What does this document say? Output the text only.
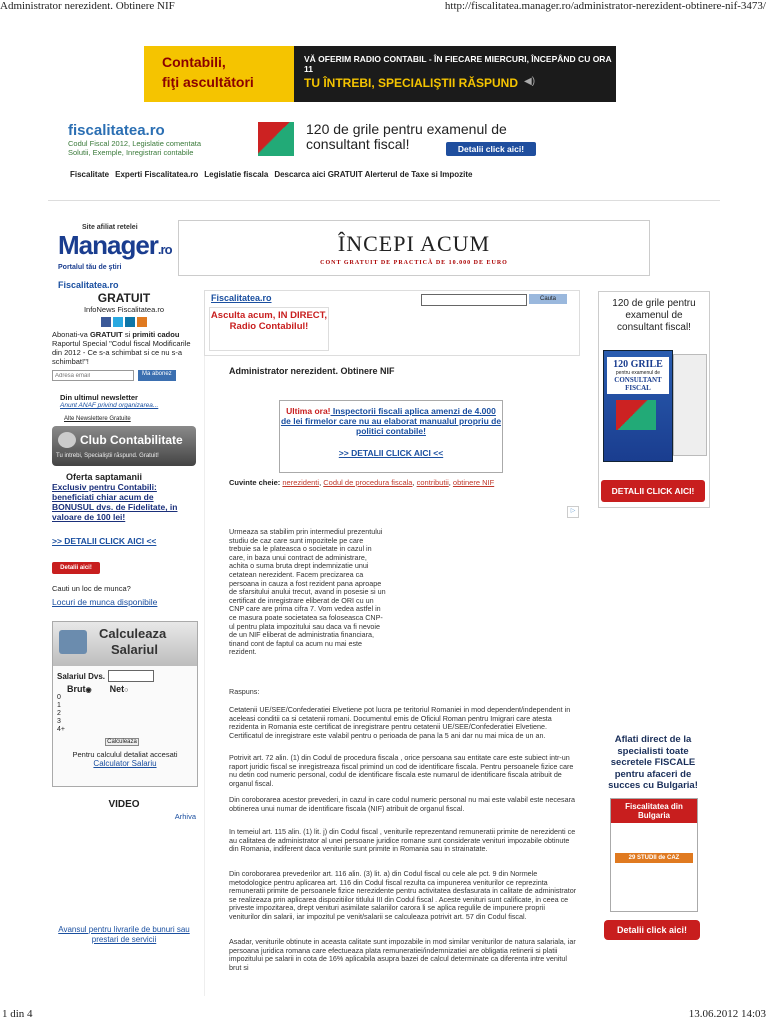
Administrator nerezident. Obtinere NIF	http://fiscalitatea.manager.ro/administrator-nerezident-obtinere-nif-3473/
1 din 4	13.06.2012 14:03
Contabili,
fiţi ascultători
VĂ OFERIM RADIO CONTABIL - ÎN FIECARE MIERCURI, ÎNCEPÂND CU ORA 11
TU ÎNTREBI, SPECIALIŞTII RĂSPUND ◀)
fiscalitatea.ro
Codul Fiscal 2012, Legislatie comentata
Solutii, Exemple, Inregistrari contabile
120 de grile pentru examenul de consultant fiscal!	Detalii click aici!
Fiscalitate Experti Fiscalitatea.ro Legislatie fiscala Descarca aici GRATUIT Alerterul de Taxe si Impozite
Site afiliat retelei
Manager.ro
Portalul tău de ştiri
ÎNCEPI ACUM
CONT GRATUIT DE PRACTICĂ DE 10.000 DE EURO
Fiscalitatea.ro
GRATUIT
InfoNews Fiscalitatea.ro
Abonati-va GRATUIT si primiti cadou Raportul Special "Codul fiscal Modificarile din 2012 - Ce s-a schimbat si ce nu s-a schimbat!"!
Adresa email
Ma abonez
Din ultimul newsletter
Anunt ANAF privind organizarea...
Alte Newslettere Gratuite
Club Contabilitate
Tu intrebi, Specialiştii răspund. Gratuit!
Oferta saptamanii
Exclusiv pentru Contabili: beneficiati chiar acum de BONUSUL dvs. de Fidelitate, in valoare de 100 lei!
>> DETALII CLICK AICI <<
Detalii aici!
Cauti un loc de munca?
Locuri de munca disponibile
Calculeaza
Salariul
Salariul Dvs.
Brut◉ Net○
0
1
2
3
4+
Calculeaza
Pentru calculul detaliat accesati
Calculator Salariu
VIDEO
Arhiva
Avansul pentru livrarile de bunuri sau prestari de servicii
Fiscalitatea.ro	Cauta
Asculta acum, IN DIRECT, Radio Contabilul!
Administrator nerezident. Obtinere NIF
Ultima ora! Inspectorii fiscali aplica amenzi de 4.000 de lei firmelor care nu au elaborat manualul propriu de politici contabile!
>> DETALII CLICK AICI <<
Cuvinte cheie: nerezidenti, Codul de procedura fiscala, contributii, obtinere NIF
▷
Urmeaza sa stabilim prin intermediul prezentului studiu de caz care sunt impozitele pe care trebuie sa le plateasca o societate in cazul in care, in baza unui contract de administrare, achita o suma bruta drept indemnizatie unui cetatean nerezident. Facem precizarea ca persoana in cauza a fost rezident pana aproape de sfarsitului anului trecut, avand in posesie si un certificat de inregistrare eliberat de ORI cu un CNP care are prima cifra 7. Vom vedea astfel in ce masura poate societatea sa foloseasca CNP-ul pentru plata impozitului sau daca va fi nevoie de un NIF eliberat de administratia financiara, tinand cont de faptul ca acum nu mai este rezident.
Raspuns:
Cetatenii UE/SEE/Confederatiei Elvetiene pot lucra pe teritoriul Romaniei in mod dependent/independent in aceleasi conditii ca si cetatenii romani. Documentul emis de Oficiul Roman pentru Imigrari care atesta rezidenta in Romania este certificat de inregistrare pentru cetatenii UE/SEE/Confederatiei Elvetiene. Certificatul de inregistrare este valabil pentru o perioada de pana la 5 ani dar nu mai mica de un an.
Potrivit art. 72 alin. (1) din Codul de procedura fiscala , orice persoana sau entitate care este subiect intr-un raport juridic fiscal se inregistreaza fiscal primind un cod de identificare fiscala. Pentru persoanele fizice care nu detin cod numeric personal, codul de identificare fiscala este numarul de identificare fiscala atribuit de organul fiscal.
Din coroborarea acestor prevederi, in cazul in care codul numeric personal nu mai este valabil este necesara obtinerea unui numar de identificare fiscala (NIF) atribuit de organul fiscal.
In temeiul art. 115 alin. (1) lit. j) din Codul fiscal , veniturile reprezentand remuneratii primite de nerezidenti ce au calitatea de administrator al unei persoane juridice romane sunt considerate venituri impozabile obtinute din Romania, indiferent daca veniturile sunt primite in Romania sau in strainatate.
Din coroborarea prevederilor art. 116 alin. (3) lit. a) din Codul fiscal cu cele ale pct. 9 din Normele metodologice pentru aplicarea art. 116 din Codul fiscal rezulta ca impunerea veniturilor ce reprezinta remuneratii primite de persoanele fizice nerezidente pentru activitatea desfasurata in calitate de administrator se realizeaza prin aplicarea dispozitiilor titlului III din Codul fiscal . Aceste venituri sunt calificate, in ceea ce priveste impozitarea, drept venituri asimilate salariilor carora li se aplica regulile de impunere proprii veniturilor din salarii, iar impozitul pe venit/salarii se calculeaza potrivit art. 57 din Codul fiscal.
Asadar, veniturile obtinute in aceasta calitate sunt impozabile in mod similar veniturilor de natura salariala, iar persoana juridica romana care efectueaza plata remuneratiei/indemnizatiei are obligatia retinerii si platii impozitului pe salarii in cota de 16% aplicabila asupra bazei de calcul determinate ca diferenta intre venitul brut si
120 de grile pentru examenul de consultant fiscal!
120 GRILE
pentru examenul de
CONSULTANT FISCAL
DETALII CLICK AICI!
Aflati direct de la specialisti toate secretele FISCALE pentru afaceri de succes cu Bulgaria!
Fiscalitatea din Bulgaria
29 STUDII de CAZ
Detalii click aici!
